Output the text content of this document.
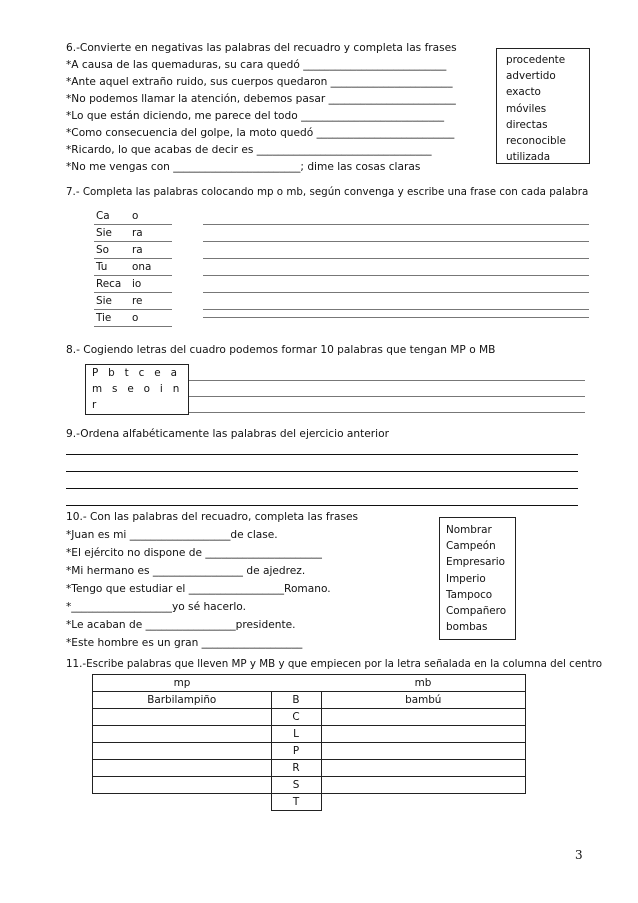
6.-Convierte en negativas las palabras del recuadro y completa las frases
*A causa de las quemaduras, su cara quedó ___________________________
*Ante aquel extraño ruido, sus cuerpos quedaron _______________________
*No podemos llamar la atención, debemos pasar ________________________
*Lo que están diciendo, me parece del todo ___________________________
*Como consecuencia del golpe, la moto quedó __________________________
*Ricardo, lo que acabas de decir es _________________________________
*No me vengas con ________________________; dime las cosas claras
procedente
advertido
exacto
móviles
directas
reconocible
utilizada
7.- Completa las palabras colocando mp o mb, según convenga y escribe una frase con cada palabra
Ca	o
Sie	ra
So	ra
Tu	ona
Reca	io
Sie	re
Tie	o
8.- Cogiendo letras del cuadro podemos formar 10 palabras que tengan MP o MB
P   b   t   c   e   a
m   s   e   o   i   n
r
9.-Ordena alfabéticamente las palabras del ejercicio anterior
10.- Con las palabras del recuadro, completa las frases
*Juan es mi ___________________de clase.
*El ejército no dispone de ______________________
*Mi hermano es _________________ de ajedrez.
*Tengo que estudiar el __________________Romano.
*___________________yo sé hacerlo.
*Le acaban de _________________presidente.
*Este hombre es un gran ___________________
Nombrar
Campeón
Empresario
Imperio
Tampoco
Compañero
bombas
11.-Escribe palabras que lleven MP y MB y que empiecen por la letra señalada en la columna del centro
mp		mb
Barbilampiño	B	bambú
	C	
	L	
	P	
	R	
	S	
	T	
3
